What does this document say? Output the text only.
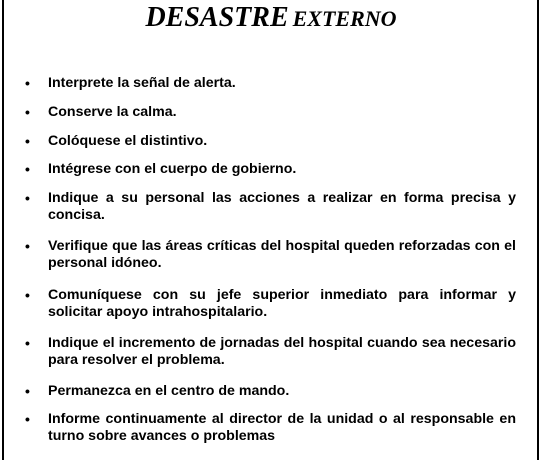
DESASTRE EXTERNO
• Interprete la señal de alerta.
• Conserve la calma.
• Colóquese el distintivo.
• Intégrese con el cuerpo de gobierno.
• Indique a su personal las acciones a realizar en forma precisa y concisa.
• Verifique que las áreas críticas del hospital queden reforzadas con el personal idóneo.
• Comuníquese con su jefe superior inmediato para informar y solicitar apoyo intrahospitalario.
• Indique el incremento de jornadas del hospital cuando sea necesario para resolver el problema.
• Permanezca en el centro de mando.
• Informe continuamente al director de la unidad o al responsable en turno sobre avances o problemas
